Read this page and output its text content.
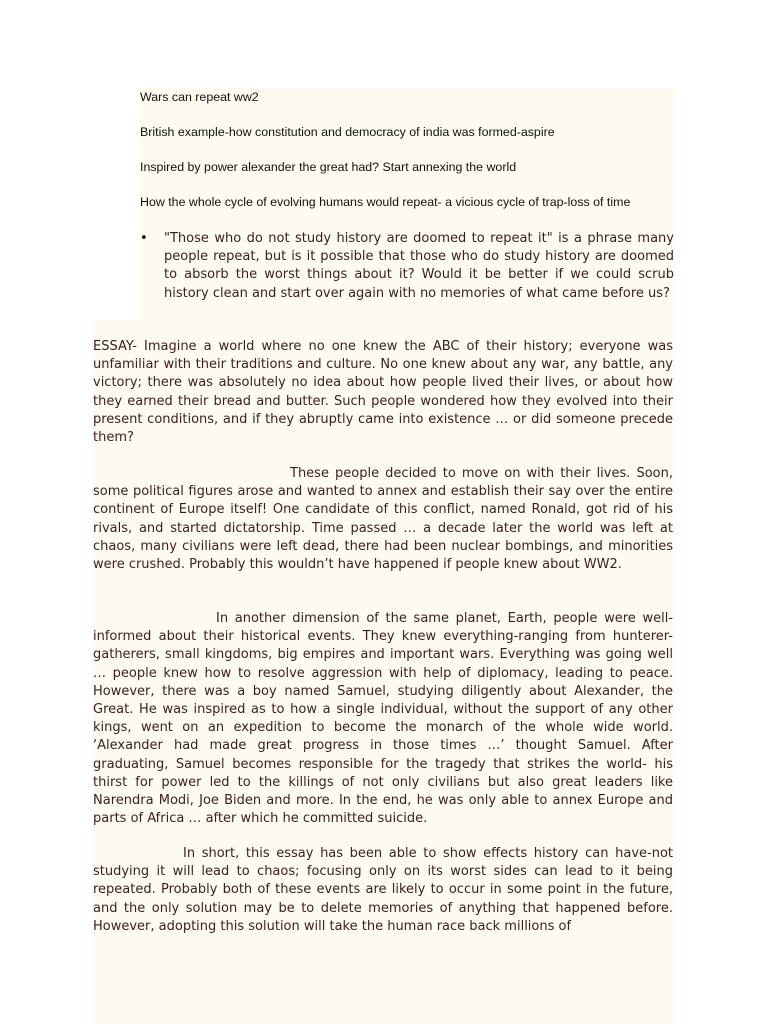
Wars can repeat ww2

British example-how constitution and democracy of india was formed-aspire

Inspired by power alexander the great had? Start annexing the world

How the whole cycle of evolving humans would repeat- a vicious cycle of trap-loss of time

• "Those who do not study history are doomed to repeat it" is a phrase many people repeat, but is it possible that those who do study history are doomed to absorb the worst things about it? Would it be better if we could scrub history clean and start over again with no memories of what came before us?

ESSAY- Imagine a world where no one knew the ABC of their history; everyone was unfamiliar with their traditions and culture. No one knew about any war, any battle, any victory; there was absolutely no idea about how people lived their lives, or about how they earned their bread and butter. Such people wondered how they evolved into their present conditions, and if they abruptly came into existence … or did someone precede them?

These people decided to move on with their lives. Soon, some political figures arose and wanted to annex and establish their say over the entire continent of Europe itself! One candidate of this conflict, named Ronald, got rid of his rivals, and started dictatorship. Time passed … a decade later the world was left at chaos, many civilians were left dead, there had been nuclear bombings, and minorities were crushed. Probably this wouldn’t have happened if people knew about WW2.

In another dimension of the same planet, Earth, people were well-informed about their historical events. They knew everything-ranging from hunterer-gatherers, small kingdoms, big empires and important wars. Everything was going well … people knew how to resolve aggression with help of diplomacy, leading to peace. However, there was a boy named Samuel, studying diligently about Alexander, the Great. He was inspired as to how a single individual, without the support of any other kings, went on an expedition to become the monarch of the whole wide world. ‘Alexander had made great progress in those times …’ thought Samuel. After graduating, Samuel becomes responsible for the tragedy that strikes the world- his thirst for power led to the killings of not only civilians but also great leaders like Narendra Modi, Joe Biden and more. In the end, he was only able to annex Europe and parts of Africa … after which he committed suicide.

In short, this essay has been able to show effects history can have-not studying it will lead to chaos; focusing only on its worst sides can lead to it being repeated. Probably both of these events are likely to occur in some point in the future, and the only solution may be to delete memories of anything that happened before. However, adopting this solution will take the human race back millions of
